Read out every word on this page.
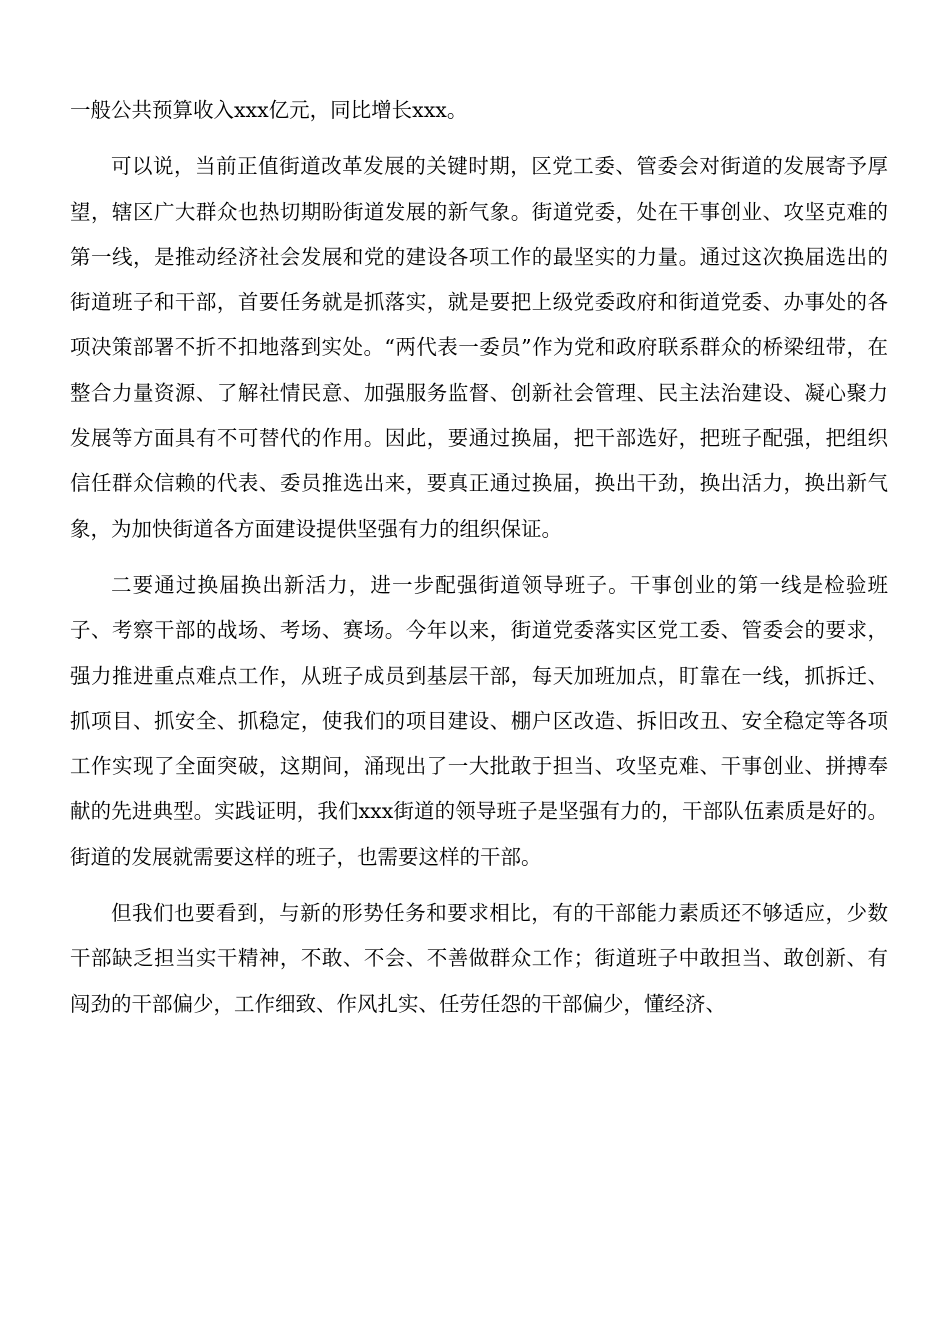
一般公共预算收入xxx亿元，同比增长xxx。

可以说，当前正值街道改革发展的关键时期，区党工委、管委会对街道的发展寄予厚望，辖区广大群众也热切期盼街道发展的新气象。街道党委，处在干事创业、攻坚克难的第一线，是推动经济社会发展和党的建设各项工作的最坚实的力量。通过这次换届选出的街道班子和干部，首要任务就是抓落实，就是要把上级党委政府和街道党委、办事处的各项决策部署不折不扣地落到实处。“两代表一委员”作为党和政府联系群众的桥梁纽带，在整合力量资源、了解社情民意、加强服务监督、创新社会管理、民主法治建设、凝心聚力发展等方面具有不可替代的作用。因此，要通过换届，把干部选好，把班子配强，把组织信任群众信赖的代表、委员推选出来，要真正通过换届，换出干劲，换出活力，换出新气象，为加快街道各方面建设提供坚强有力的组织保证。

二要通过换届换出新活力，进一步配强街道领导班子。干事创业的第一线是检验班子、考察干部的战场、考场、赛场。今年以来，街道党委落实区党工委、管委会的要求，强力推进重点难点工作，从班子成员到基层干部，每天加班加点，盯靠在一线，抓拆迁、抓项目、抓安全、抓稳定，使我们的项目建设、棚户区改造、拆旧改丑、安全稳定等各项工作实现了全面突破，这期间，涌现出了一大批敢于担当、攻坚克难、干事创业、拼搏奉献的先进典型。实践证明，我们xxx街道的领导班子是坚强有力的，干部队伍素质是好的。街道的发展就需要这样的班子，也需要这样的干部。

但我们也要看到，与新的形势任务和要求相比，有的干部能力素质还不够适应，少数干部缺乏担当实干精神，不敢、不会、不善做群众工作；街道班子中敢担当、敢创新、有闯劲的干部偏少，工作细致、作风扎实、任劳任怨的干部偏少，懂经济、
